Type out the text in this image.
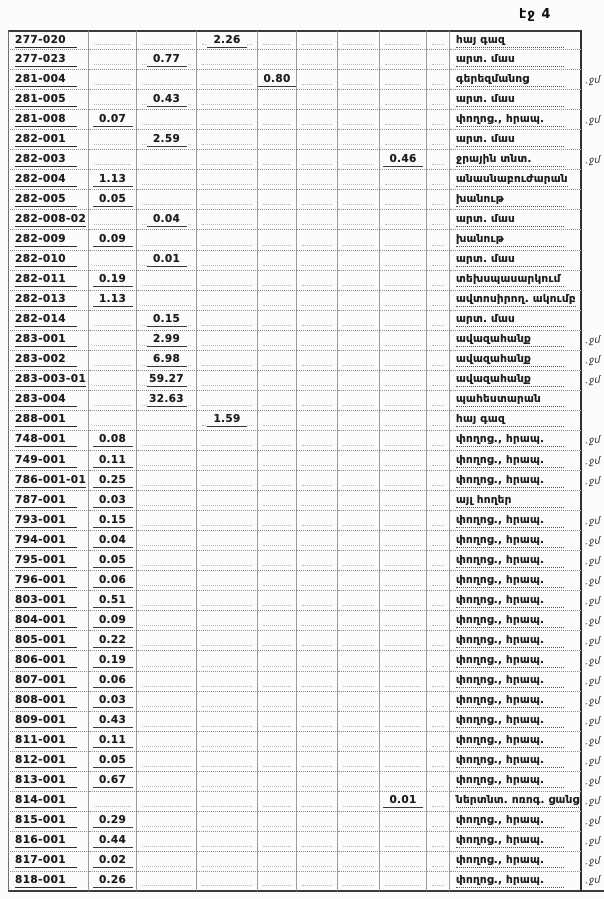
էջ 4
277-020	2.26	հայ գազ
277-023	0.77	արտ. մաս
281-004	0.80	գերեզմանոց	. ջմ
281-005	0.43	արտ. մաս
281-008	0.07	փողոց., հրապ.	. ջմ
282-001	2.59	արտ. մաս
282-003	0.46	ջրային տնտ.	. ջմ
282-004	1.13	անասնաբուժարան
282-005	0.05	խանութ
282-008-02	0.04	արտ. մաս
282-009	0.09	խանութ
282-010	0.01	արտ. մաս
282-011	0.19	տեխսպասարկում
282-013	1.13	ավտոսիրող. ակումբ
282-014	0.15	արտ. մաս
283-001	2.99	ավազահանք	. ջմ
283-002	6.98	ավազահանք	. ջմ
283-003-01	59.27	ավազահանք	. ջմ
283-004	32.63	պահեստարան
288-001	1.59	հայ գազ
748-001	0.08	փողոց., հրապ.	. ջմ
749-001	0.11	փողոց., հրապ.	. ջմ
786-001-01	0.25	փողոց., հրապ.	. ջմ
787-001	0.03	այլ հողեր
793-001	0.15	փողոց., հրապ.	. ջմ
794-001	0.04	փողոց., հրապ.	. ջմ
795-001	0.05	փողոց., հրապ.	. ջմ
796-001	0.06	փողոց., հրապ.	. ջմ
803-001	0.51	փողոց., հրապ.	. ջմ
804-001	0.09	փողոց., հրապ.	. ջմ
805-001	0.22	փողոց., հրապ.	. ջմ
806-001	0.19	փողոց., հրապ.	. ջմ
807-001	0.06	փողոց., հրապ.	. ջմ
808-001	0.03	փողոց., հրապ.	. ջմ
809-001	0.43	փողոց., հրապ.	. ջմ
811-001	0.11	փողոց., հրապ.	. ջմ
812-001	0.05	փողոց., հրապ.	. ջմ
813-001	0.67	փողոց., հրապ.	. ջմ
814-001	0.01	ներտնտ. ոռոգ. ցանց	. ջմ
815-001	0.29	փողոց., հրապ.	. ջմ
816-001	0.44	փողոց., հրապ.	. ջմ
817-001	0.02	փողոց., հրապ.	. ջմ
818-001	0.26	փողոց., հրապ.	. ջմ
